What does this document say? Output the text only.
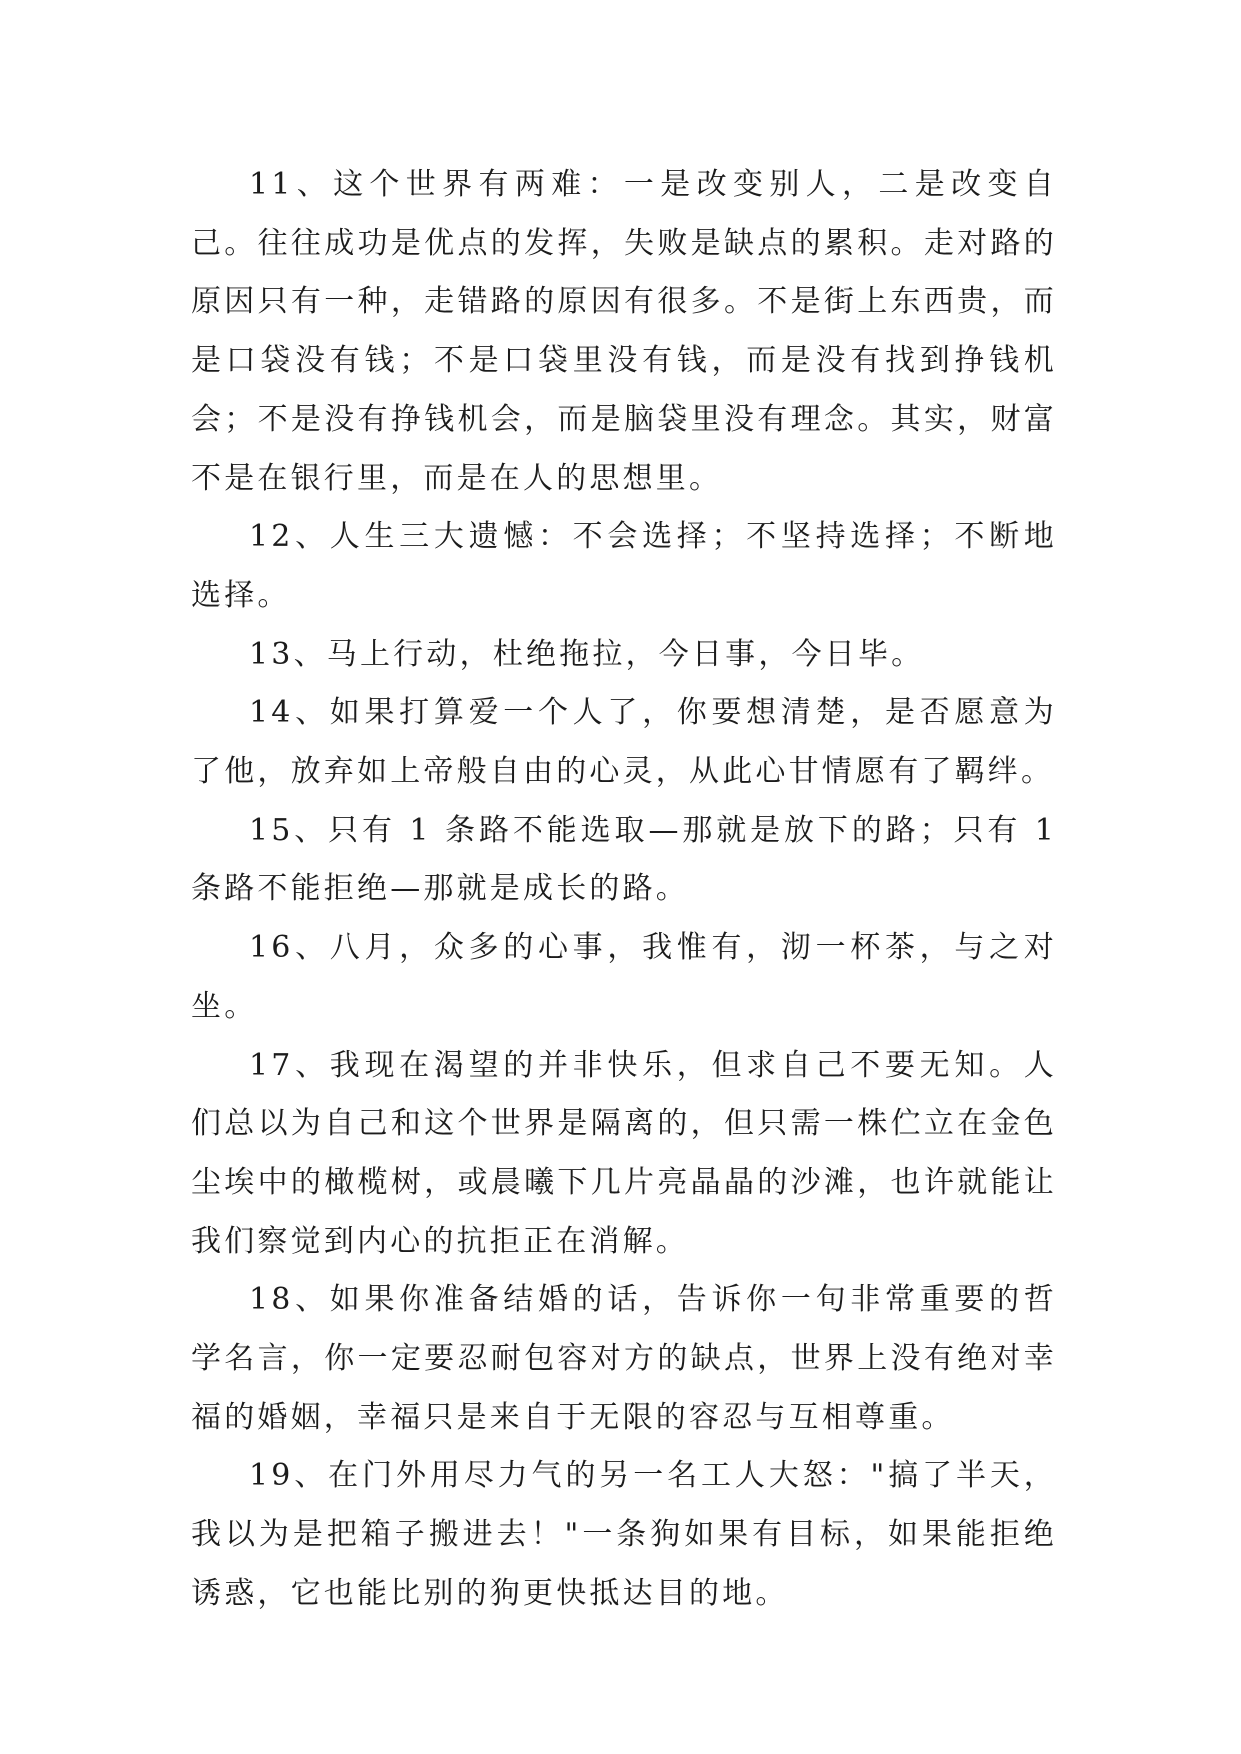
11、这个世界有两难：一是改变别人，二是改变自己。往往成功是优点的发挥，失败是缺点的累积。走对路的原因只有一种，走错路的原因有很多。不是街上东西贵，而是口袋没有钱；不是口袋里没有钱，而是没有找到挣钱机会；不是没有挣钱机会，而是脑袋里没有理念。其实，财富不是在银行里，而是在人的思想里。

12、人生三大遗憾：不会选择；不坚持选择；不断地选择。

13、马上行动，杜绝拖拉，今日事，今日毕。

14、如果打算爱一个人了，你要想清楚，是否愿意为了他，放弃如上帝般自由的心灵，从此心甘情愿有了羁绊。

15、只有 1 条路不能选取—那就是放下的路；只有 1 条路不能拒绝—那就是成长的路。

16、八月，众多的心事，我惟有，沏一杯茶，与之对坐。

17、我现在渴望的并非快乐，但求自己不要无知。人们总以为自己和这个世界是隔离的，但只需一株伫立在金色尘埃中的橄榄树，或晨曦下几片亮晶晶的沙滩，也许就能让我们察觉到内心的抗拒正在消解。

18、如果你准备结婚的话，告诉你一句非常重要的哲学名言，你一定要忍耐包容对方的缺点，世界上没有绝对幸福的婚姻，幸福只是来自于无限的容忍与互相尊重。

19、在门外用尽力气的另一名工人大怒："搞了半天，我以为是把箱子搬进去！"一条狗如果有目标，如果能拒绝诱惑，它也能比别的狗更快抵达目的地。
